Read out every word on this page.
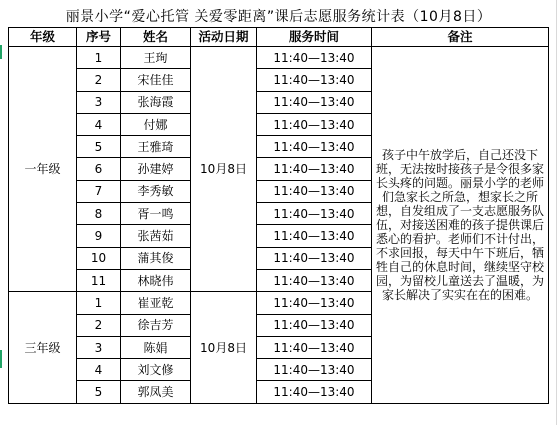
丽景小学“爱心托管 关爱零距离”课后志愿服务统计表（10月8日）					
年级	序号	姓名	活动日期	服务时间	备注
一年级	1	王珣	10月8日	11:40—13:40	孩子中午放学后，自己还没下班，无法按时接孩子是令很多家长头疼的问题。丽景小学的老师们急家长之所急，想家长之所想，自发组成了一支志愿服务队伍，对接送困难的孩子提供课后悉心的看护。老师们不计付出，不求回报，每天中午下班后，牺牲自己的休息时间，继续坚守校园，为留校儿童送去了温暖，为家长解决了实实在在的困难。
	2	宋佳佳		11:40—13:40	
	3	张海霞		11:40—13:40	
	4	付娜		11:40—13:40	
	5	王雅琦		11:40—13:40	
	6	孙建婷		11:40—13:40	
	7	李秀敏		11:40—13:40	
	8	胥一鸣		11:40—13:40	
	9	张茜茹		11:40—13:40	
	10	蒲其俊		11:40—13:40	
	11	林晓伟		11:40—13:40	
三年级	1	崔亚乾	10月8日	11:40—13:40	
	2	徐吉芳		11:40—13:40	
	3	陈娟		11:40—13:40	
	4	刘文修		11:40—13:40	
	5	郭凤美		11:40—13:40	
